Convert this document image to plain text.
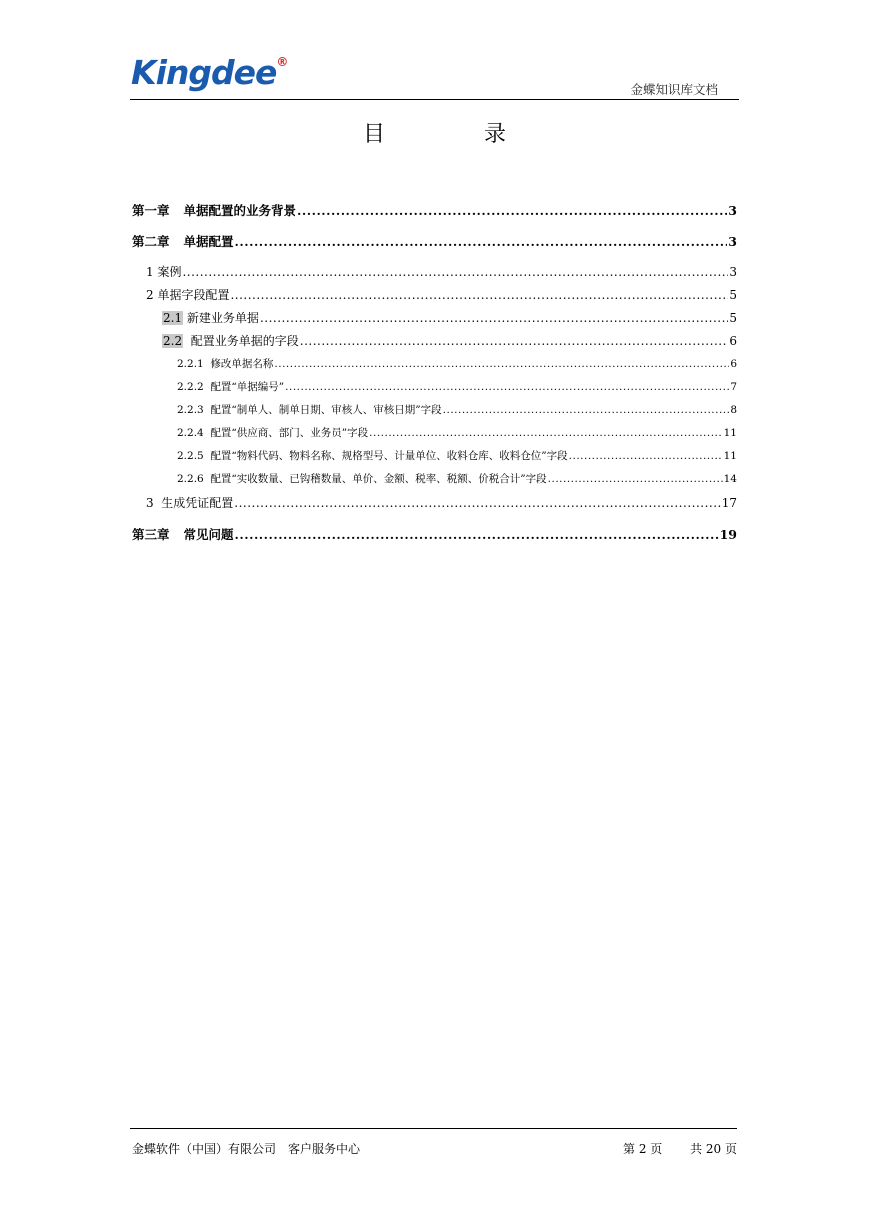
Kingdee®
金蝶知识库文档
目 录
第一章 单据配置的业务背景 .....	3
第二章 单据配置 .....	3
1 案例 .....	3
2 单据字段配置 .....	5
2.1 新建业务单据 .....	5
2.2 配置业务单据的字段 .....	6
2.2.1 修改单据名称 .....	6
2.2.2 配置“单据编号” .....	7
2.2.3 配置“制单人、制单日期、审核人、审核日期”字段 .....	8
2.2.4 配置“供应商、部门、业务员”字段 .....	11
2.2.5 配置“物料代码、物料名称、规格型号、计量单位、收料仓库、收料仓位”字段 .....	11
2.2.6 配置“实收数量、已钩稽数量、单价、金额、税率、税额、价税合计”字段 .....	14
3 生成凭证配置 .....	17
第三章 常见问题 .....	19
金蝶软件（中国）有限公司　客户服务中心	第 2 页　　 共 20 页
